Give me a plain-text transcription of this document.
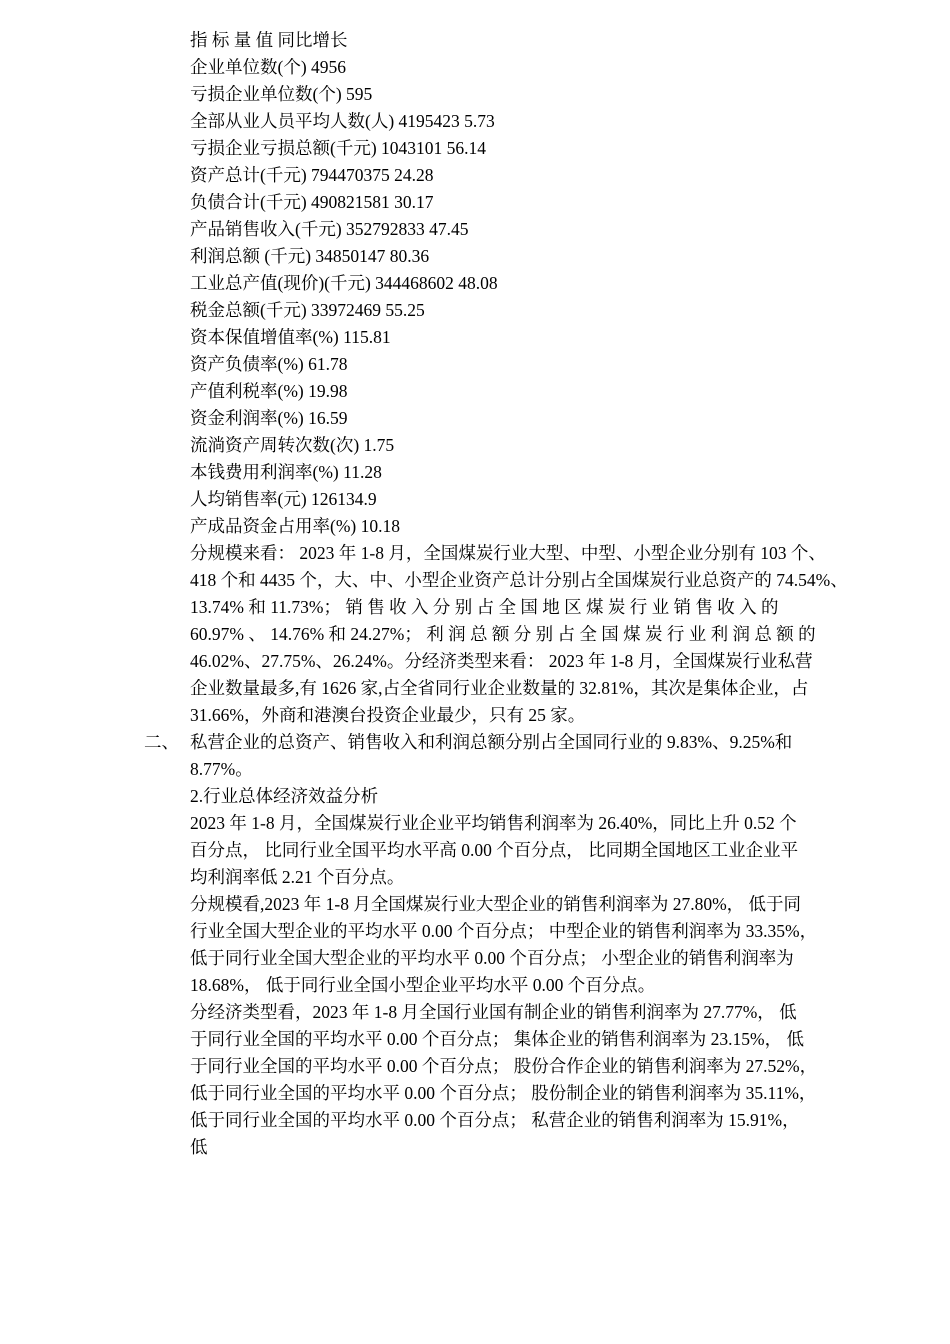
指 标 量 值 同比增长
企业单位数(个) 4956
亏损企业单位数(个) 595
全部从业人员平均人数(人) 4195423 5.73
亏损企业亏损总额(千元) 1043101 56.14
资产总计(千元) 794470375 24.28
负债合计(千元) 490821581 30.17
产品销售收入(千元) 352792833 47.45
利润总额 (千元) 34850147 80.36
工业总产值(现价)(千元) 344468602 48.08
税金总额(千元) 33972469 55.25
资本保值增值率(%) 115.81
资产负债率(%) 61.78
产值利税率(%) 19.98
资金利润率(%) 16.59
流淌资产周转次数(次) 1.75
本钱费用利润率(%) 11.28
人均销售率(元) 126134.9
产成品资金占用率(%) 10.18
分规模来看： 2023 年 1-8 月，全国煤炭行业大型、中型、小型企业分别有 103 个、
418 个和 4435 个，大、中、小型企业资产总计分别占全国煤炭行业总资产的 74.54%、
13.74% 和 11.73%； 销 售 收 入 分 别 占 全 国 地 区 煤 炭 行 业 销 售 收 入 的
60.97% 、 14.76% 和 24.27%； 利 润 总 额 分 别 占 全 国 煤 炭 行 业 利 润 总 额 的
46.02%、27.75%、26.24%。分经济类型来看： 2023 年 1-8 月，全国煤炭行业私营
企业数量最多,有 1626 家,占全省同行业企业数量的 32.81%，其次是集体企业，占
31.66%，外商和港澳台投资企业最少，只有 25 家。
二、 私营企业的总资产、销售收入和利润总额分别占全国同行业的 9.83%、9.25%和
8.77%。
2.行业总体经济效益分析
2023 年 1-8 月，全国煤炭行业企业平均销售利润率为 26.40%，同比上升 0.52 个
百分点， 比同行业全国平均水平高 0.00 个百分点， 比同期全国地区工业企业平
均利润率低 2.21 个百分点。
分规模看,2023 年 1-8 月全国煤炭行业大型企业的销售利润率为 27.80%， 低于同
行业全国大型企业的平均水平 0.00 个百分点； 中型企业的销售利润率为 33.35%，
低于同行业全国大型企业的平均水平 0.00 个百分点； 小型企业的销售利润率为
18.68%， 低于同行业全国小型企业平均水平 0.00 个百分点。
分经济类型看，2023 年 1-8 月全国行业国有制企业的销售利润率为 27.77%， 低
于同行业全国的平均水平 0.00 个百分点； 集体企业的销售利润率为 23.15%， 低
于同行业全国的平均水平 0.00 个百分点； 股份合作企业的销售利润率为 27.52%，
低于同行业全国的平均水平 0.00 个百分点； 股份制企业的销售利润率为 35.11%，
低于同行业全国的平均水平 0.00 个百分点； 私营企业的销售利润率为 15.91%，
低
